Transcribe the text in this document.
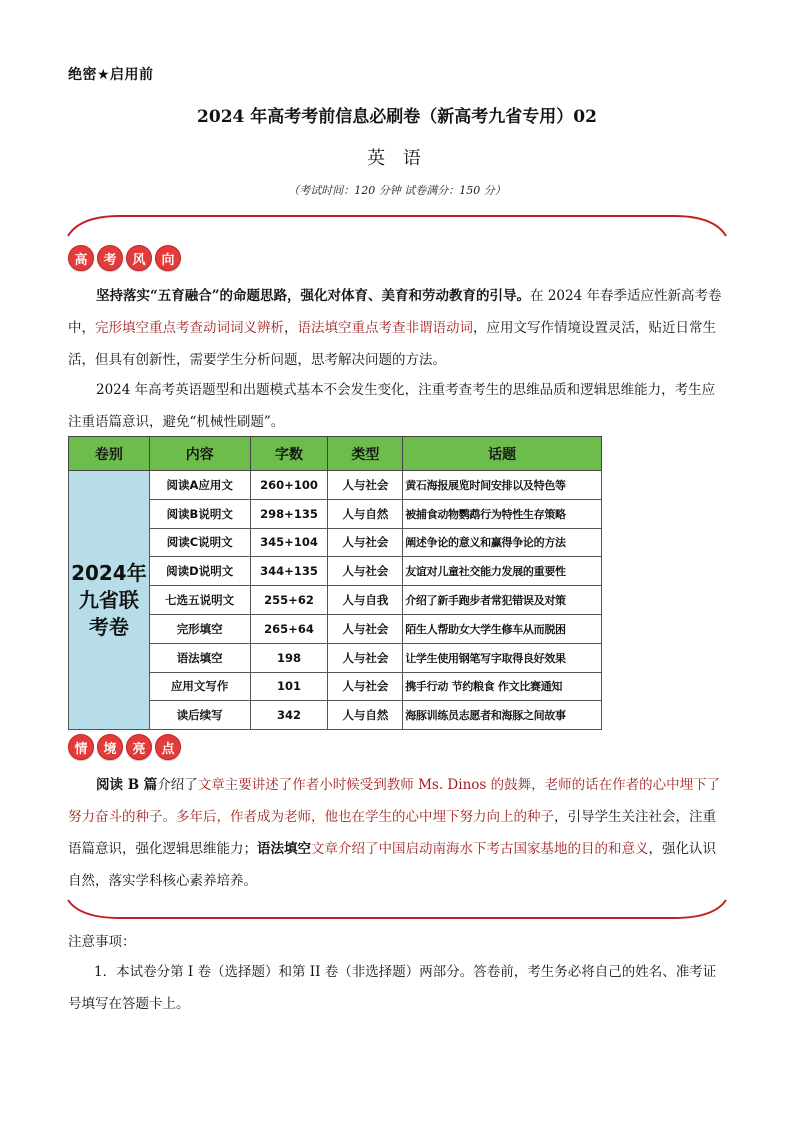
绝密★启用前
2024 年高考考前信息必刷卷（新高考九省专用）02
英 语
（考试时间：120 分钟 试卷满分：150 分）
高	考	风	向

坚持落实“五育融合”的命题思路，强化对体育、美育和劳动教育的引导。在 2024 年春季适应性新高考卷中，完形填空重点考查动词词义辨析，语法填空重点考查非谓语动词，应用文写作情境设置灵活，贴近日常生活，但具有创新性，需要学生分析问题，思考解决问题的方法。

2024 年高考英语题型和出题模式基本不会发生变化，注重考查考生的思维品质和逻辑思维能力，考生应注重语篇意识，避免“机械性刷题”。

卷别	内容	字数	类型	话题
2024年九省联考卷	阅读A应用文	260+100	人与社会	黄石海报展览时间安排以及特色等
	阅读B说明文	298+135	人与自然	被捕食动物鹦鹉行为特性生存策略
	阅读C说明文	345+104	人与社会	阐述争论的意义和赢得争论的方法
	阅读D说明文	344+135	人与社会	友谊对儿童社交能力发展的重要性
	七选五说明文	255+62	人与自我	介绍了新手跑步者常犯错误及对策
	完形填空	265+64	人与社会	陌生人帮助女大学生修车从而脱困
	语法填空	198	人与社会	让学生使用钢笔写字取得良好效果
	应用文写作	101	人与社会	携手行动 节约粮食 作文比赛通知
	读后续写	342	人与自然	海豚训练员志愿者和海豚之间故事
情	境	亮	点

阅读 B 篇介绍了文章主要讲述了作者小时候受到教师 Ms. Dinos 的鼓舞，老师的话在作者的心中埋下了努力奋斗的种子。多年后，作者成为老师，他也在学生的心中埋下努力向上的种子，引导学生关注社会，注重语篇意识，强化逻辑思维能力；语法填空文章介绍了中国启动南海水下考古国家基地的目的和意义，强化认识自然，落实学科核心素养培养。

注意事项：

1．本试卷分第 I 卷（选择题）和第 II 卷（非选择题）两部分。答卷前，考生务必将自己的姓名、准考证号填写在答题卡上。
